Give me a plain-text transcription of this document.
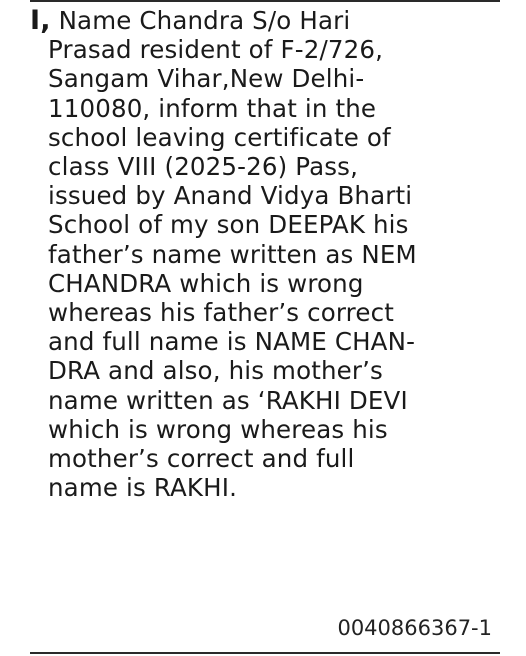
I, Name Chandra S/o Hari
Prasad resident of F-2/726,
Sangam Vihar,New Delhi-
110080, inform that in the
school leaving certificate of
class VIII (2025-26) Pass,
issued by Anand Vidya Bharti
School of my son DEEPAK his
father’s name written as NEM
CHANDRA which is wrong
whereas his father’s correct
and full name is NAME CHAN-
DRA and also, his mother’s
name written as ‘RAKHI DEVI
which is wrong whereas his
mother’s correct and full
name is RAKHI.
0040866367-1
